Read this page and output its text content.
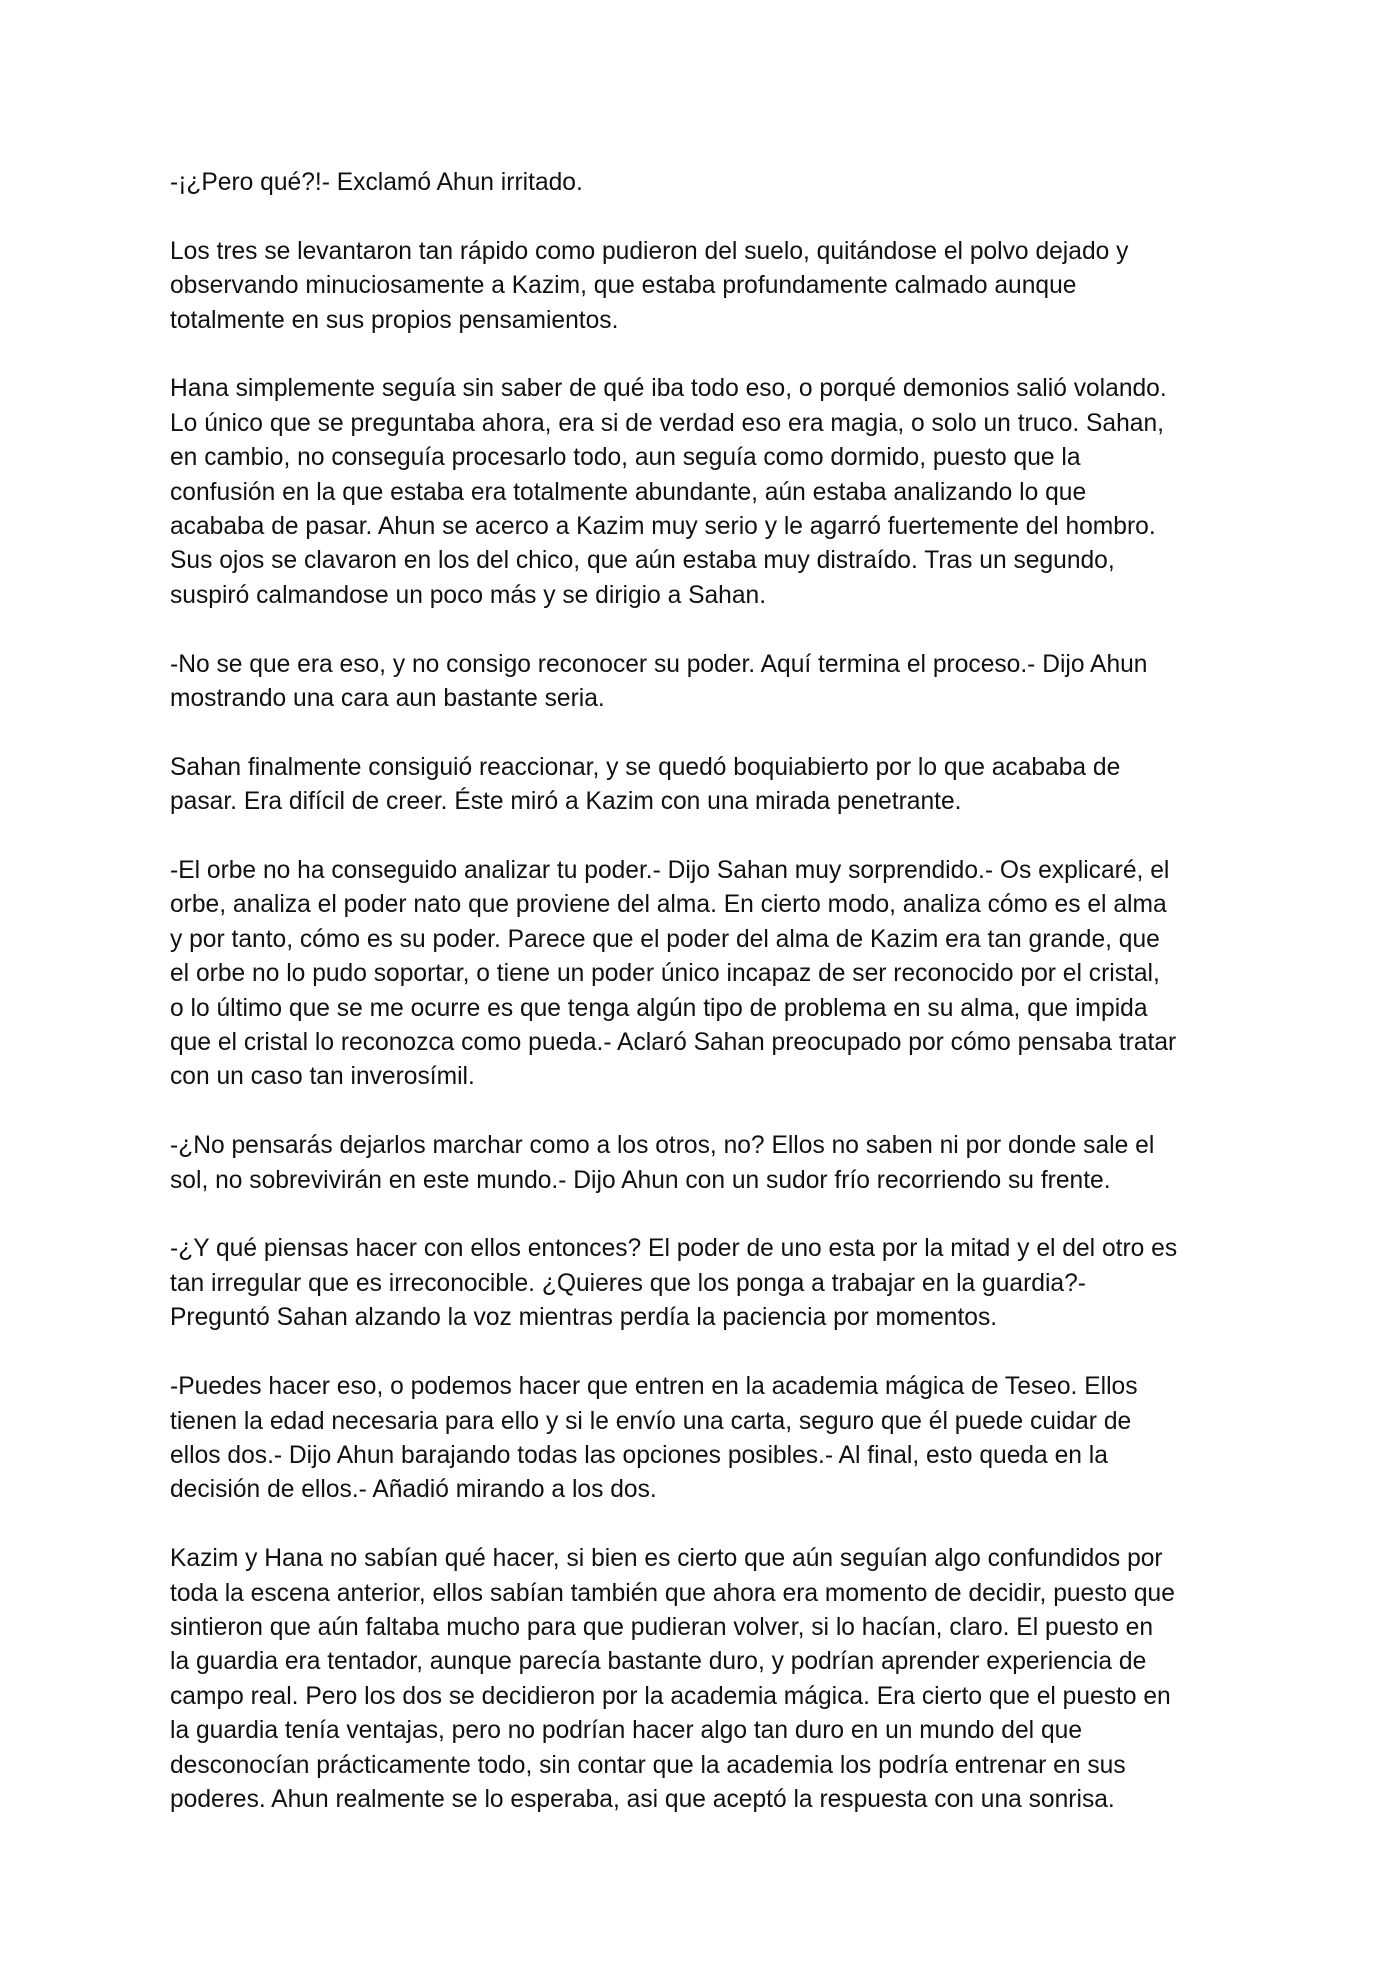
-¡¿Pero qué?!- Exclamó Ahun irritado.

Los tres se levantaron tan rápido como pudieron del suelo, quitándose el polvo dejado y
observando minuciosamente a Kazim, que estaba profundamente calmado aunque
totalmente en sus propios pensamientos.

Hana simplemente seguía sin saber de qué iba todo eso, o porqué demonios salió volando.
Lo único que se preguntaba ahora, era si de verdad eso era magia, o solo un truco. Sahan,
en cambio, no conseguía procesarlo todo, aun seguía como dormido, puesto que la
confusión en la que estaba era totalmente abundante, aún estaba analizando lo que
acababa de pasar. Ahun se acerco a Kazim muy serio y le agarró fuertemente del hombro.
Sus ojos se clavaron en los del chico, que aún estaba muy distraído. Tras un segundo,
suspiró calmandose un poco más y se dirigio a Sahan.

-No se que era eso, y no consigo reconocer su poder. Aquí termina el proceso.- Dijo Ahun
mostrando una cara aun bastante seria.

Sahan finalmente consiguió reaccionar, y se quedó boquiabierto por lo que acababa de
pasar. Era difícil de creer. Éste miró a Kazim con una mirada penetrante.

-El orbe no ha conseguido analizar tu poder.- Dijo Sahan muy sorprendido.- Os explicaré, el
orbe, analiza el poder nato que proviene del alma. En cierto modo, analiza cómo es el alma
y por tanto, cómo es su poder. Parece que el poder del alma de Kazim era tan grande, que
el orbe no lo pudo soportar, o tiene un poder único incapaz de ser reconocido por el cristal,
o lo último que se me ocurre es que tenga algún tipo de problema en su alma, que impida
que el cristal lo reconozca como pueda.- Aclaró Sahan preocupado por cómo pensaba tratar
con un caso tan inverosímil.

-¿No pensarás dejarlos marchar como a los otros, no? Ellos no saben ni por donde sale el
sol, no sobrevivirán en este mundo.- Dijo Ahun con un sudor frío recorriendo su frente.

-¿Y qué piensas hacer con ellos entonces? El poder de uno esta por la mitad y el del otro es
tan irregular que es irreconocible. ¿Quieres que los ponga a trabajar en la guardia?-
Preguntó Sahan alzando la voz mientras perdía la paciencia por momentos.

-Puedes hacer eso, o podemos hacer que entren en la academia mágica de Teseo. Ellos
tienen la edad necesaria para ello y si le envío una carta, seguro que él puede cuidar de
ellos dos.- Dijo Ahun barajando todas las opciones posibles.- Al final, esto queda en la
decisión de ellos.- Añadió mirando a los dos.

Kazim y Hana no sabían qué hacer, si bien es cierto que aún seguían algo confundidos por
toda la escena anterior, ellos sabían también que ahora era momento de decidir, puesto que
sintieron que aún faltaba mucho para que pudieran volver, si lo hacían, claro. El puesto en
la guardia era tentador, aunque parecía bastante duro, y podrían aprender experiencia de
campo real. Pero los dos se decidieron por la academia mágica. Era cierto que el puesto en
la guardia tenía ventajas, pero no podrían hacer algo tan duro en un mundo del que
desconocían prácticamente todo, sin contar que la academia los podría entrenar en sus
poderes. Ahun realmente se lo esperaba, asi que aceptó la respuesta con una sonrisa.
